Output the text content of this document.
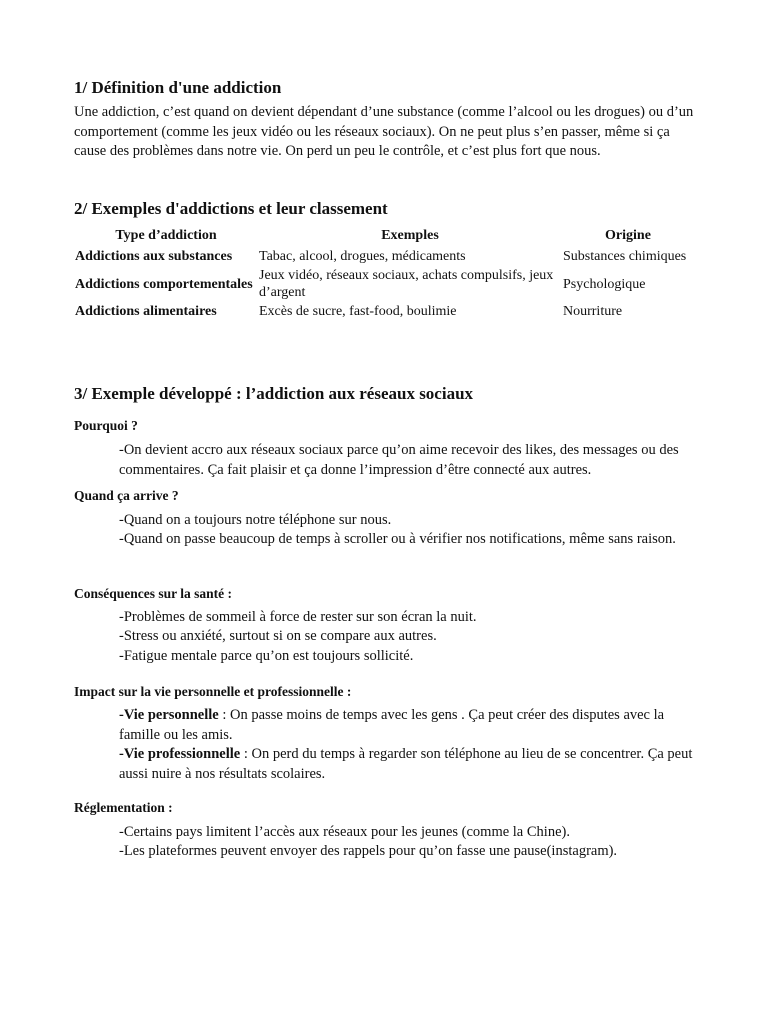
1/ Définition d'une addiction
Une addiction, c’est quand on devient dépendant d’une substance (comme l’alcool ou les drogues) ou d’un comportement (comme les jeux vidéo ou les réseaux sociaux). On ne peut plus s’en passer, même si ça cause des problèmes dans notre vie. On perd un peu le contrôle, et c’est plus fort que nous.
2/ Exemples d'addictions et leur classement
Type d’addiction	Exemples	Origine
Addictions aux substances	Tabac, alcool, drogues, médicaments	Substances chimiques
Addictions comportementales	Jeux vidéo, réseaux sociaux, achats compulsifs, jeux d’argent	Psychologique
Addictions alimentaires	Excès de sucre, fast-food, boulimie	Nourriture
3/ Exemple développé : l’addiction aux réseaux sociaux
Pourquoi ?
-On devient accro aux réseaux sociaux parce qu’on aime recevoir des likes, des messages ou des commentaires. Ça fait plaisir et ça donne l’impression d’être connecté aux autres.
Quand ça arrive ?
-Quand on a toujours notre téléphone sur nous.
-Quand on passe beaucoup de temps à scroller ou à vérifier nos notifications, même sans raison.
Conséquences sur la santé :
-Problèmes de sommeil à force de rester sur son écran la nuit.
-Stress ou anxiété, surtout si on se compare aux autres.
-Fatigue mentale parce qu’on est toujours sollicité.
Impact sur la vie personnelle et professionnelle :
-Vie personnelle : On passe moins de temps avec les gens . Ça peut créer des disputes avec la famille ou les amis.
-Vie professionnelle : On perd du temps à regarder son téléphone au lieu de se concentrer. Ça peut aussi nuire à nos résultats scolaires.
Réglementation :
-Certains pays limitent l’accès aux réseaux pour les jeunes (comme la Chine).
-Les plateformes peuvent envoyer des rappels pour qu’on fasse une pause(instagram).
